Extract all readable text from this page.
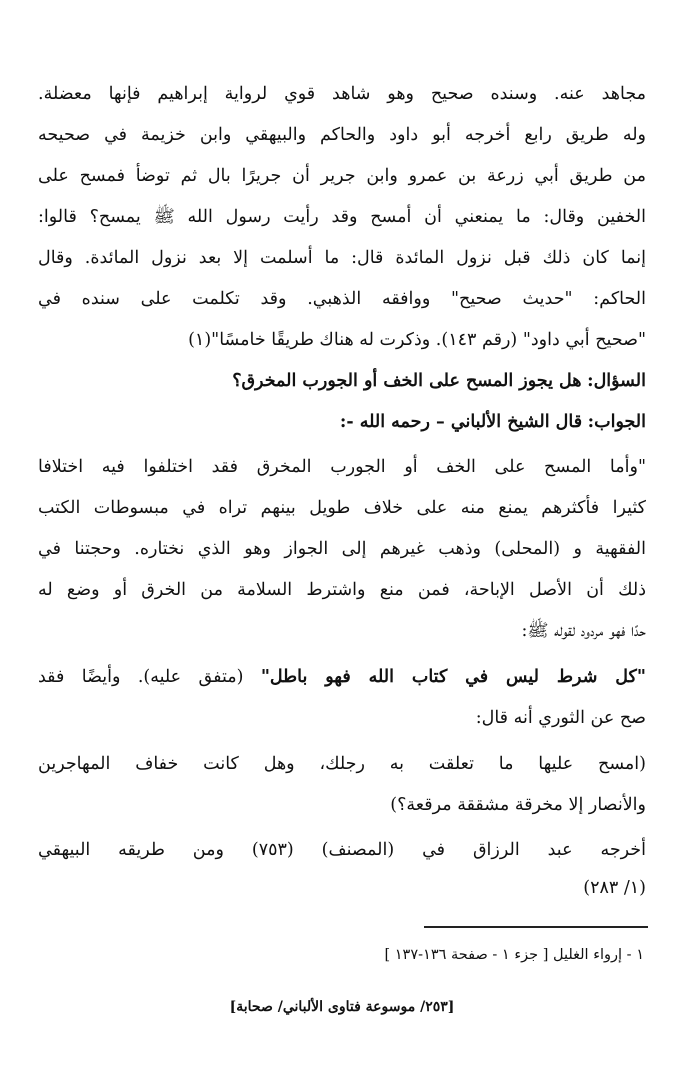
مجاهد عنه. وسنده صحيح وهو شاهد قوي لرواية إبراهيم فإنها معضلة.
وله طريق رابع أخرجه أبو داود والحاكم والبيهقي وابن خزيمة في صحيحه
من طريق أبي زرعة بن عمرو وابن جرير أن جريرًا بال ثم توضأ فمسح على
الخفين وقال: ما يمنعني أن أمسح وقد رأيت رسول الله ﷺ يمسح؟ قالوا:
إنما كان ذلك قبل نزول المائدة قال: ما أسلمت إلا بعد نزول المائدة. وقال
الحاكم: "حديث صحيح" ووافقه الذهبي. وقد تكلمت على سنده في
"صحيح أبي داود" (رقم ١٤٣). وذكرت له هناك طريقًا خامسًا"(١)
السؤال: هل يجوز المسح على الخف أو الجورب المخرق؟
الجواب: قال الشيخ الألباني – رحمه الله -:
"وأما المسح على الخف أو الجورب المخرق فقد اختلفوا فيه اختلافا
كثيرا فأكثرهم يمنع منه على خلاف طويل بينهم تراه في مبسوطات الكتب
الفقهية و (المحلى) وذهب غيرهم إلى الجواز وهو الذي نختاره. وحجتنا في
ذلك أن الأصل الإباحة، فمن منع واشترط السلامة من الخرق أو وضع له
حدًا فهو مردود لقوله ﷺ:
"كل شرط ليس في كتاب الله فهو باطل" (متفق عليه). وأيضًا فقد
صح عن الثوري أنه قال:
(امسح عليها ما تعلقت به رجلك، وهل كانت خفاف المهاجرين
والأنصار إلا مخرقة مشققة مرقعة؟)
أخرجه عبد الرزاق في (المصنف) (٧٥٣) ومن طريقه البيهقي
(١/ ٢٨٣)
١ - إرواء الغليل [ جزء ١ - صفحة ١٣٦-١٣٧ ]
[٢٥٣/ موسوعة فتاوى الألباني/ صحابة]
